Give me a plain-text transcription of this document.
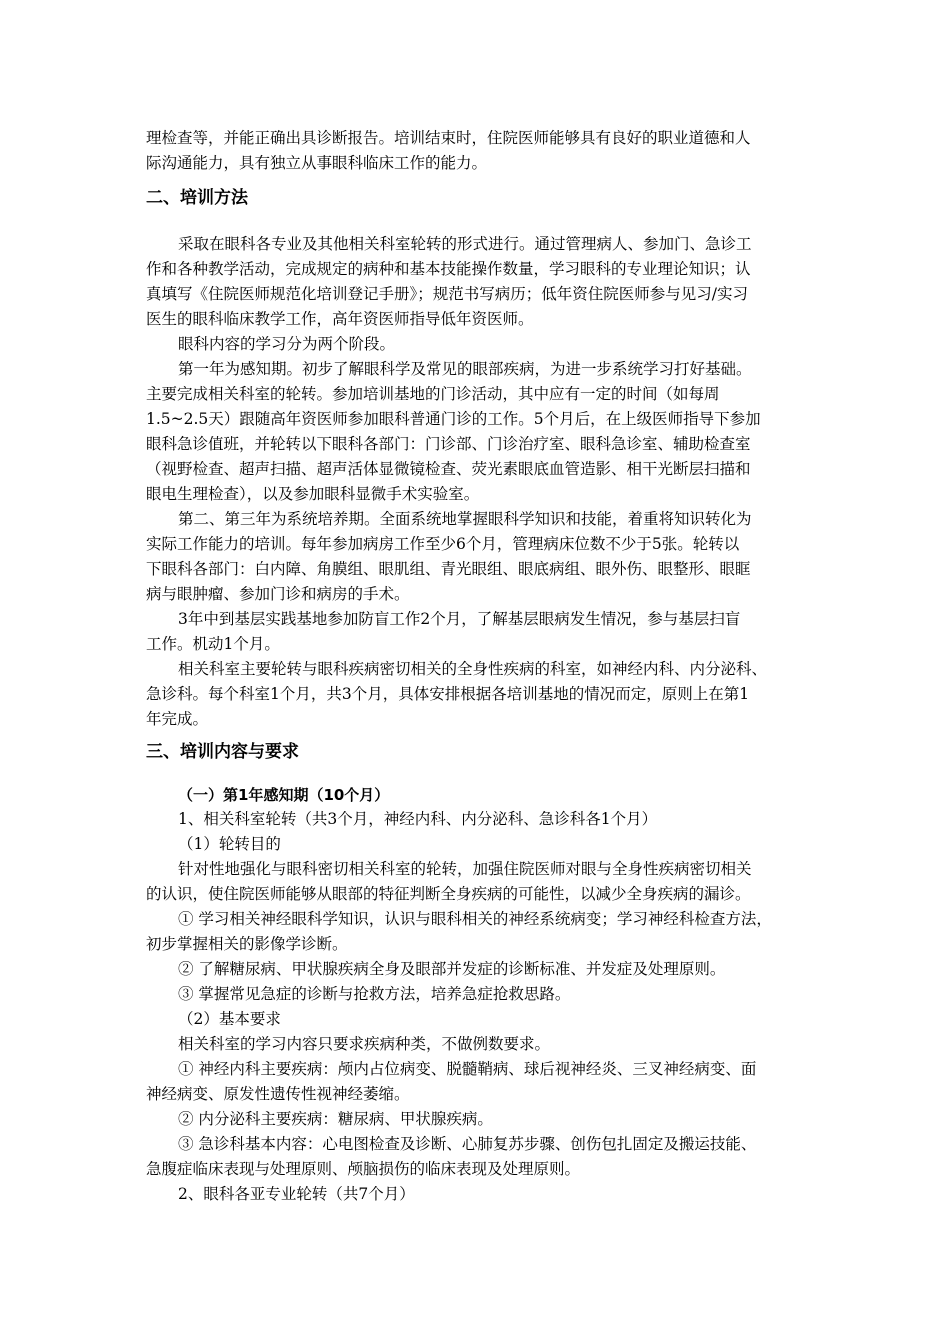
理检查等，并能正确出具诊断报告。培训结束时，住院医师能够具有良好的职业道德和人
际沟通能力，具有独立从事眼科临床工作的能力。
二、培训方法
采取在眼科各专业及其他相关科室轮转的形式进行。通过管理病人、参加门、急诊工
作和各种教学活动，完成规定的病种和基本技能操作数量，学习眼科的专业理论知识；认
真填写《住院医师规范化培训登记手册》；规范书写病历；低年资住院医师参与见习/实习
医生的眼科临床教学工作，高年资医师指导低年资医师。
眼科内容的学习分为两个阶段。
第一年为感知期。初步了解眼科学及常见的眼部疾病，为进一步系统学习打好基础。
主要完成相关科室的轮转。参加培训基地的门诊活动，其中应有一定的时间（如每周
1.5~2.5天）跟随高年资医师参加眼科普通门诊的工作。5个月后，在上级医师指导下参加
眼科急诊值班，并轮转以下眼科各部门：门诊部、门诊治疗室、眼科急诊室、辅助检查室
（视野检查、超声扫描、超声活体显微镜检查、荧光素眼底血管造影、相干光断层扫描和
眼电生理检查），以及参加眼科显微手术实验室。
第二、第三年为系统培养期。全面系统地掌握眼科学知识和技能，着重将知识转化为
实际工作能力的培训。每年参加病房工作至少6个月，管理病床位数不少于5张。轮转以
下眼科各部门：白内障、角膜组、眼肌组、青光眼组、眼底病组、眼外伤、眼整形、眼眶
病与眼肿瘤、参加门诊和病房的手术。
3年中到基层实践基地参加防盲工作2个月，了解基层眼病发生情况，参与基层扫盲
工作。机动1个月。
相关科室主要轮转与眼科疾病密切相关的全身性疾病的科室，如神经内科、内分泌科、
急诊科。每个科室1个月，共3个月，具体安排根据各培训基地的情况而定，原则上在第1
年完成。
三、培训内容与要求
（一）第1年感知期（10个月）
1、相关科室轮转（共3个月，神经内科、内分泌科、急诊科各1个月）
（1）轮转目的
针对性地强化与眼科密切相关科室的轮转，加强住院医师对眼与全身性疾病密切相关
的认识，使住院医师能够从眼部的特征判断全身疾病的可能性，以减少全身疾病的漏诊。
① 学习相关神经眼科学知识，认识与眼科相关的神经系统病变；学习神经科检查方法，
初步掌握相关的影像学诊断。
② 了解糖尿病、甲状腺疾病全身及眼部并发症的诊断标准、并发症及处理原则。
③ 掌握常见急症的诊断与抢救方法，培养急症抢救思路。
（2）基本要求
相关科室的学习内容只要求疾病种类，不做例数要求。
① 神经内科主要疾病：颅内占位病变、脱髓鞘病、球后视神经炎、三叉神经病变、面
神经病变、原发性遗传性视神经萎缩。
② 内分泌科主要疾病：糖尿病、甲状腺疾病。
③ 急诊科基本内容：心电图检查及诊断、心肺复苏步骤、创伤包扎固定及搬运技能、
急腹症临床表现与处理原则、颅脑损伤的临床表现及处理原则。
2、眼科各亚专业轮转（共7个月）
